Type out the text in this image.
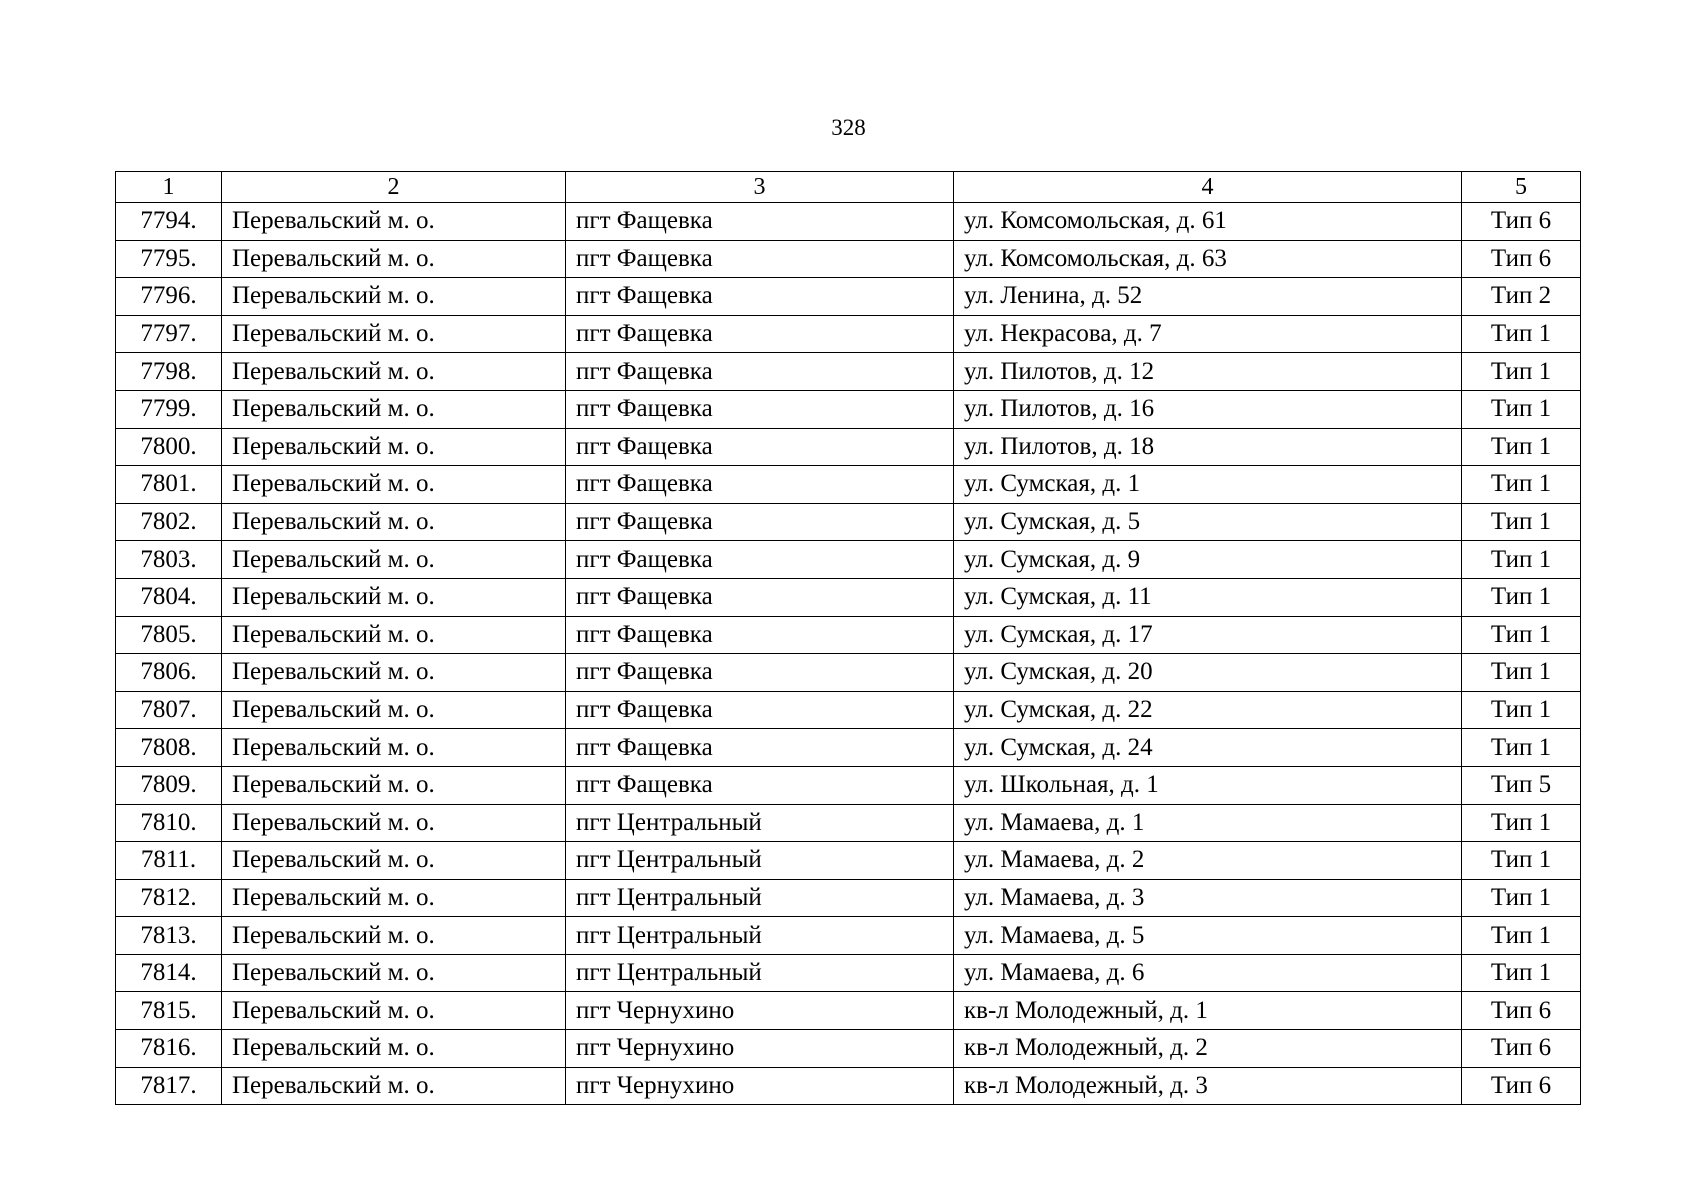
328
1	2	3	4	5
7794.	Перевальский м. о.	пгт Фащевка	ул. Комсомольская, д. 61	Тип 6
7795.	Перевальский м. о.	пгт Фащевка	ул. Комсомольская, д. 63	Тип 6
7796.	Перевальский м. о.	пгт Фащевка	ул. Ленина, д. 52	Тип 2
7797.	Перевальский м. о.	пгт Фащевка	ул. Некрасова, д. 7	Тип 1
7798.	Перевальский м. о.	пгт Фащевка	ул. Пилотов, д. 12	Тип 1
7799.	Перевальский м. о.	пгт Фащевка	ул. Пилотов, д. 16	Тип 1
7800.	Перевальский м. о.	пгт Фащевка	ул. Пилотов, д. 18	Тип 1
7801.	Перевальский м. о.	пгт Фащевка	ул. Сумская, д. 1	Тип 1
7802.	Перевальский м. о.	пгт Фащевка	ул. Сумская, д. 5	Тип 1
7803.	Перевальский м. о.	пгт Фащевка	ул. Сумская, д. 9	Тип 1
7804.	Перевальский м. о.	пгт Фащевка	ул. Сумская, д. 11	Тип 1
7805.	Перевальский м. о.	пгт Фащевка	ул. Сумская, д. 17	Тип 1
7806.	Перевальский м. о.	пгт Фащевка	ул. Сумская, д. 20	Тип 1
7807.	Перевальский м. о.	пгт Фащевка	ул. Сумская, д. 22	Тип 1
7808.	Перевальский м. о.	пгт Фащевка	ул. Сумская, д. 24	Тип 1
7809.	Перевальский м. о.	пгт Фащевка	ул. Школьная, д. 1	Тип 5
7810.	Перевальский м. о.	пгт Центральный	ул. Мамаева, д. 1	Тип 1
7811.	Перевальский м. о.	пгт Центральный	ул. Мамаева, д. 2	Тип 1
7812.	Перевальский м. о.	пгт Центральный	ул. Мамаева, д. 3	Тип 1
7813.	Перевальский м. о.	пгт Центральный	ул. Мамаева, д. 5	Тип 1
7814.	Перевальский м. о.	пгт Центральный	ул. Мамаева, д. 6	Тип 1
7815.	Перевальский м. о.	пгт Чернухино	кв-л Молодежный, д. 1	Тип 6
7816.	Перевальский м. о.	пгт Чернухино	кв-л Молодежный, д. 2	Тип 6
7817.	Перевальский м. о.	пгт Чернухино	кв-л Молодежный, д. 3	Тип 6
